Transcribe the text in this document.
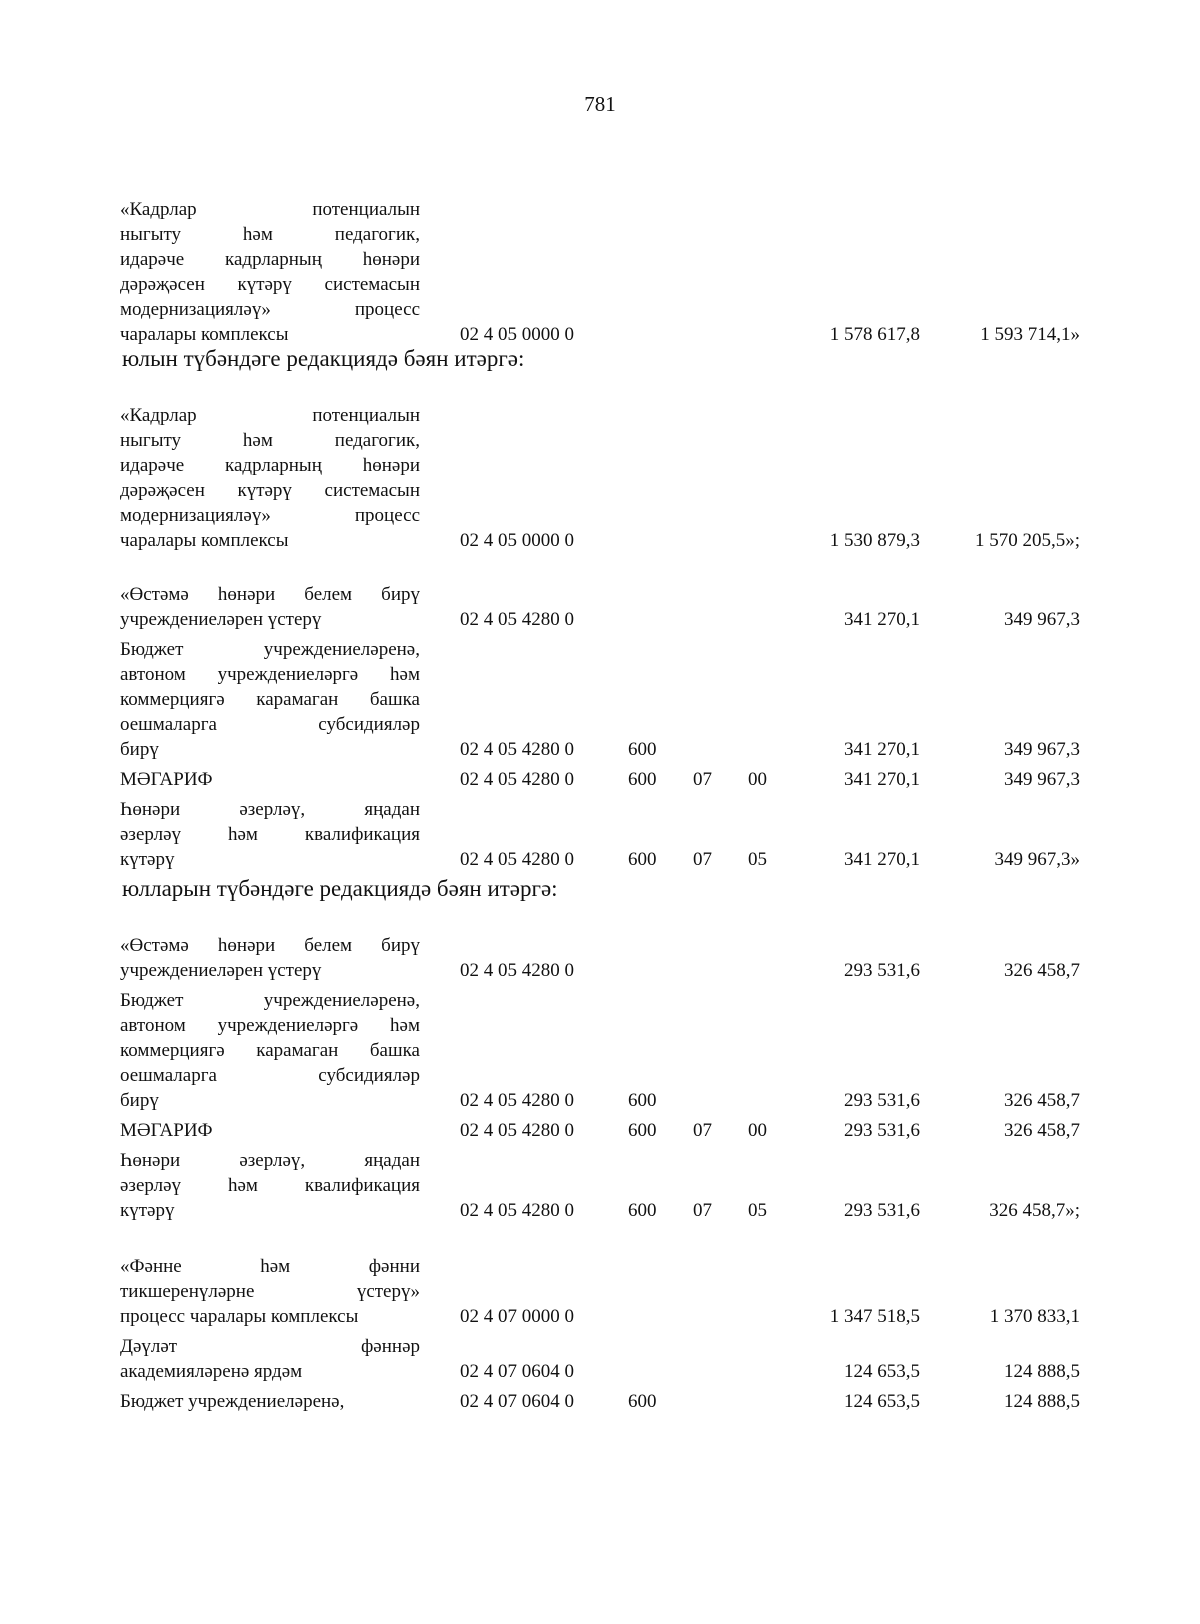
781
«Кадрлар потенциалын
ныгыту һәм педагогик,
идарәче кадрларның һөнәри
дәрәҗәсен күтәрү системасын
модернизацияләү» процесс
чаралары комплексы	02 4 05 0000 0	1 578 617,8	1 593 714,1»
юлын түбәндәге редакциядә бәян итәргә:
«Кадрлар потенциалын
ныгыту һәм педагогик,
идарәче кадрларның һөнәри
дәрәҗәсен күтәрү системасын
модернизацияләү» процесс
чаралары комплексы	02 4 05 0000 0	1 530 879,3	1 570 205,5»;
«Өстәмә һөнәри белем бирү
учреждениеләрен үстерү	02 4 05 4280 0	341 270,1	349 967,3
Бюджет учреждениеләренә,
автоном учреждениеләргә һәм
коммерциягә карамаган башка
оешмаларга субсидияләр
бирү	02 4 05 4280 0	600	341 270,1	349 967,3
МӘГАРИФ	02 4 05 4280 0	600 07 00	341 270,1	349 967,3
Һөнәри әзерләү, яңадан
әзерләү һәм квалификация
күтәрү	02 4 05 4280 0	600 07 05	341 270,1	349 967,3»
юлларын түбәндәге редакциядә бәян итәргә:
«Өстәмә һөнәри белем бирү
учреждениеләрен үстерү	02 4 05 4280 0	293 531,6	326 458,7
Бюджет учреждениеләренә,
автоном учреждениеләргә һәм
коммерциягә карамаган башка
оешмаларга субсидияләр
бирү	02 4 05 4280 0	600	293 531,6	326 458,7
МӘГАРИФ	02 4 05 4280 0	600 07 00	293 531,6	326 458,7
Һөнәри әзерләү, яңадан
әзерләү һәм квалификация
күтәрү	02 4 05 4280 0	600 07 05	293 531,6	326 458,7»;
«Фәнне һәм фәнни
тикшеренүләрне үстерү»
процесс чаралары комплексы	02 4 07 0000 0	1 347 518,5	1 370 833,1
Дәүләт фәннәр
академияләренә ярдәм	02 4 07 0604 0	124 653,5	124 888,5
Бюджет учреждениеләренә,	02 4 07 0604 0	600	124 653,5	124 888,5
